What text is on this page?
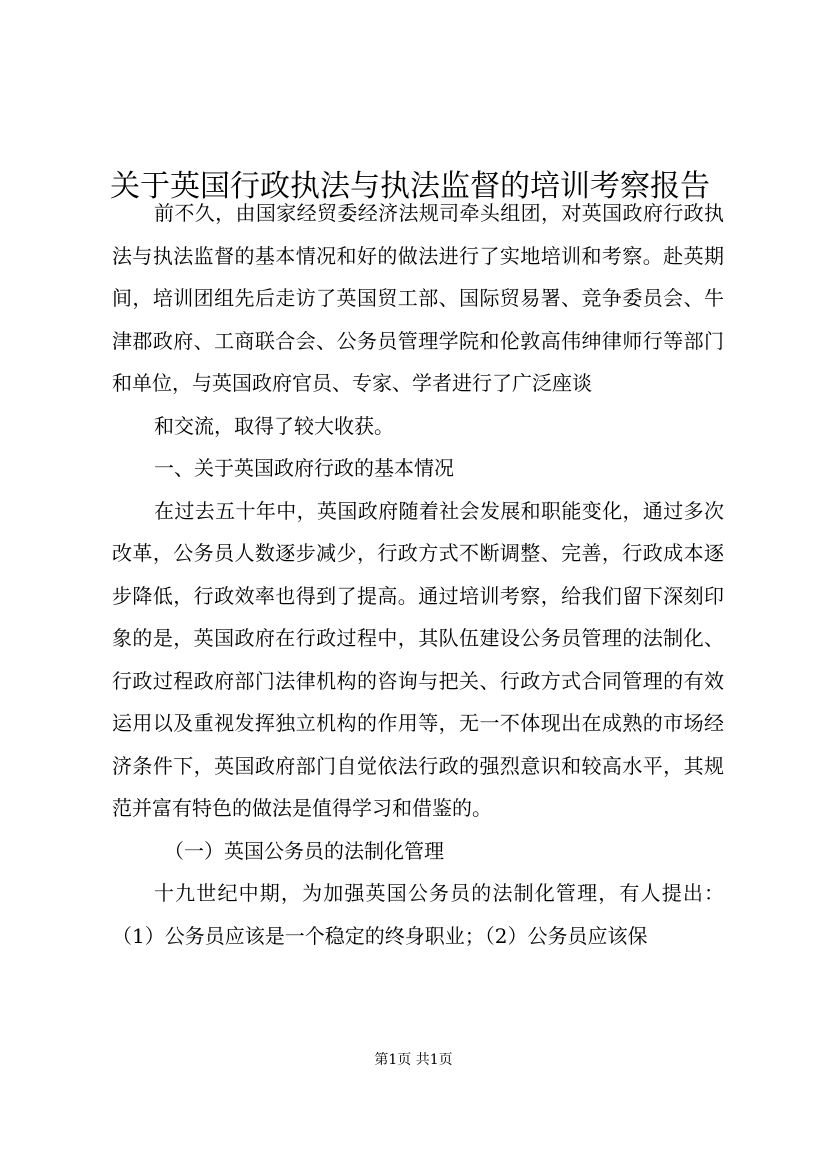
关于英国行政执法与执法监督的培训考察报告

前不久，由国家经贸委经济法规司牵头组团，对英国政府行政执法与执法监督的基本情况和好的做法进行了实地培训和考察。赴英期间，培训团组先后走访了英国贸工部、国际贸易署、竞争委员会、牛津郡政府、工商联合会、公务员管理学院和伦敦高伟绅律师行等部门和单位，与英国政府官员、专家、学者进行了广泛座谈

和交流，取得了较大收获。

一、关于英国政府行政的基本情况

在过去五十年中，英国政府随着社会发展和职能变化，通过多次改革，公务员人数逐步减少，行政方式不断调整、完善，行政成本逐步降低，行政效率也得到了提高。通过培训考察，给我们留下深刻印象的是，英国政府在行政过程中，其队伍建设公务员管理的法制化、行政过程政府部门法律机构的咨询与把关、行政方式合同管理的有效运用以及重视发挥独立机构的作用等，无一不体现出在成熟的市场经济条件下，英国政府部门自觉依法行政的强烈意识和较高水平，其规范并富有特色的做法是值得学习和借鉴的。

（一）英国公务员的法制化管理

十九世纪中期，为加强英国公务员的法制化管理，有人提出：（1）公务员应该是一个稳定的终身职业；（2）公务员应该保

第1页 共1页
